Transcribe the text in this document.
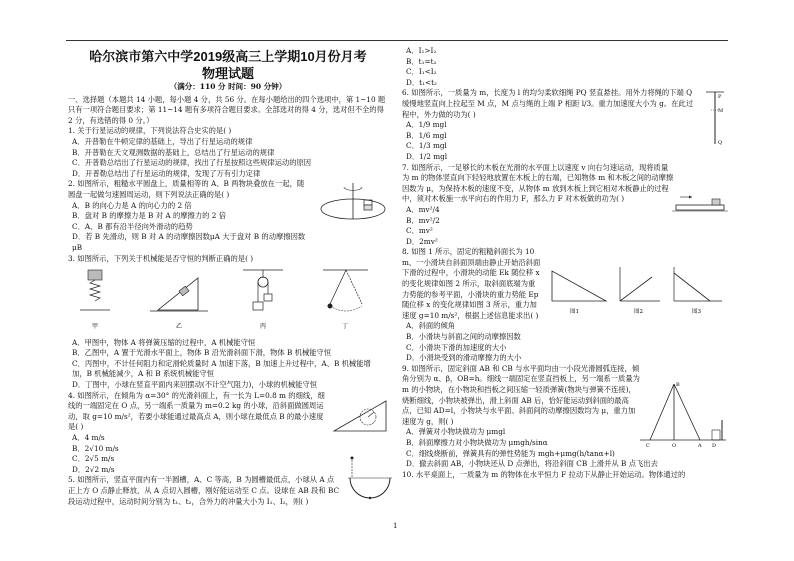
哈尔滨市第六中学2019级高三上学期10月份月考
物理试题

（满分：110 分 时间：90 分钟）

一、选择题（本题共 14 小题，每小题 4 分，共 56 分。在每小题给出的四个选项中，第 1~10 题只有一项符合题目要求；第 11~14 题有多项符合题目要求。全部选对的得 4 分，选对但不全的得 2 分，有选错的得 0 分。）

1. 关于行星运动的规律，下列说法符合史实的是( )

A．开普勒在牛顿定律的基础上，导出了行星运动的规律

B．开普勒在天文观测数据的基础上，总结出了行星运动的规律

C．开普勒总结出了行星运动的规律，找出了行星按照这些规律运动的原因

D．开普勒总结出了行星运动的规律，发现了万有引力定律

2. 如图所示，粗糙水平圆盘上，质量相等的 A、B 两物块叠放在一起，随圆盘一起做匀速圆周运动，则下列说法正确的是( )

A．B 的向心力是 A 的向心力的 2 倍

B．盘对 B 的摩擦力是 B 对 A 的摩擦力的 2 倍

C．A、B 都有沿半径向外滑动的趋势

D．若 B 先滑动，则 B 对 A 的动摩擦因数μA 大于盘对 B 的动摩擦因数μB

3. 如图所示，下列关于机械能是否守恒的判断正确的是( )

甲	乙	丙	丁

A．甲图中，物体 A 将弹簧压缩的过程中，A 机械能守恒

B．乙图中，A 置于光滑水平面上，物体 B 沿光滑斜面下滑，物体 B 机械能守恒

C．丙图中，不计任何阻力和定滑轮质量时 A 加速下落，B 加速上升过程中，A、B 机械能增加，B 机械能减少，A 和 B 系统机械能守恒

D．丁图中，小球在竖直平面内来回摆动(不计空气阻力)，小球的机械能守恒

4. 如图所示，在倾角为 α=30° 的光滑斜面上，有一长为 L=0.8 m 的细线，细线的一端固定在 O 点，另一端系一质量为 m=0.2 kg 的小球，沿斜面做圆周运动，取 g=10 m/s²，若要小球能通过最高点 A，则小球在最低点 B 的最小速度是( )

A．4 m/s

B．2√10 m/s

C．2√5 m/s

D．2√2 m/s

5. 如图所示，竖直平面内有一半圆槽，A、C 等高，B 为圆槽最低点，小球从 A 点正上方 O 点静止释放，从 A 点切入圆槽，刚好能运动至 C 点。设球在 AB 段和 BC 段运动过程中，运动时间分别为 t₁、t₂，合外力的冲量大小为 I₁、I₂，则( )

A．I₁>I₂

B．t₁=t₂

C．I₁<I₂

D．t₁<t₂

6. 如图所示，一质量为 m，长度为 l 的均匀柔软细绳 PQ 竖直悬挂。用外力将绳的下端 Q 缓慢地竖直向上拉起至 M 点，M 点与绳的上端 P 相距 l/3。重力加速度大小为 g。在此过程中，外力做的功为( )

A．1/9 mgl

B．1/6 mgl

C．1/3 mgl

D．1/2 mgl

P
M
Q

7. 如图所示，一足够长的木板在光滑的水平面上以速度 v 向右匀速运动，现将质量为 m 的物体竖直向下轻轻地放置在木板上的右端，已知物体 m 和木板之间的动摩擦因数为 μ，为保持木板的速度不变，从物体 m 放到木板上到它相对木板静止的过程中，须对木板施一水平向右的作用力 F，那么力 F 对木板做的功为( )

A．mv²/4

B．mv²/2

C．mv²

D．2mv²

8. 如图 1 所示，固定的粗糙斜面长为 10 m，一小滑块自斜面顶端由静止开始沿斜面下滑的过程中，小滑块的动能 Ek 随位移 x 的变化规律如图 2 所示，取斜面底端为重力势能的参考平面，小滑块的重力势能 Ep 随位移 x 的变化规律如图 3 所示，重力加速度 g=10 m/s²，根据上述信息能求出( )

A．斜面的倾角

B．小滑块与斜面之间的动摩擦因数

C．小滑块下滑的加速度的大小

D．小滑块受到的滑动摩擦力的大小

图1	图2	图3

9. 如图所示，固定斜面 AB 和 CB 与水平面均由一小段光滑圆弧连接，倾角分别为 α、β，OB=h。细线一端固定在竖直挡板上，另一端系一质量为 m 的小物块，在小物块和挡板之间压缩一轻质弹簧(物块与弹簧不连接)，烧断细线，小物块被弹出，滑上斜面 AB 后，恰好能运动到斜面的最高点，已知 AD=l，小物块与水平面、斜面间的动摩擦因数均为 μ，重力加速度为 g，则( )

A．弹簧对小物块做功为 μmgl

B．斜面摩擦力对小物块做功为 μmgh/sinα

C．细线烧断前，弹簧具有的弹性势能为 mgh+μmg(h/tanα+l)

D．撤去斜面 AB，小物块还从 D 点弹出，将沿斜面 CB 上滑并从 B 点飞出去

B
C	O	A D

10. 水平桌面上，一质量为 m 的物体在水平恒力 F 拉动下从静止开始运动。物体通过的

1
